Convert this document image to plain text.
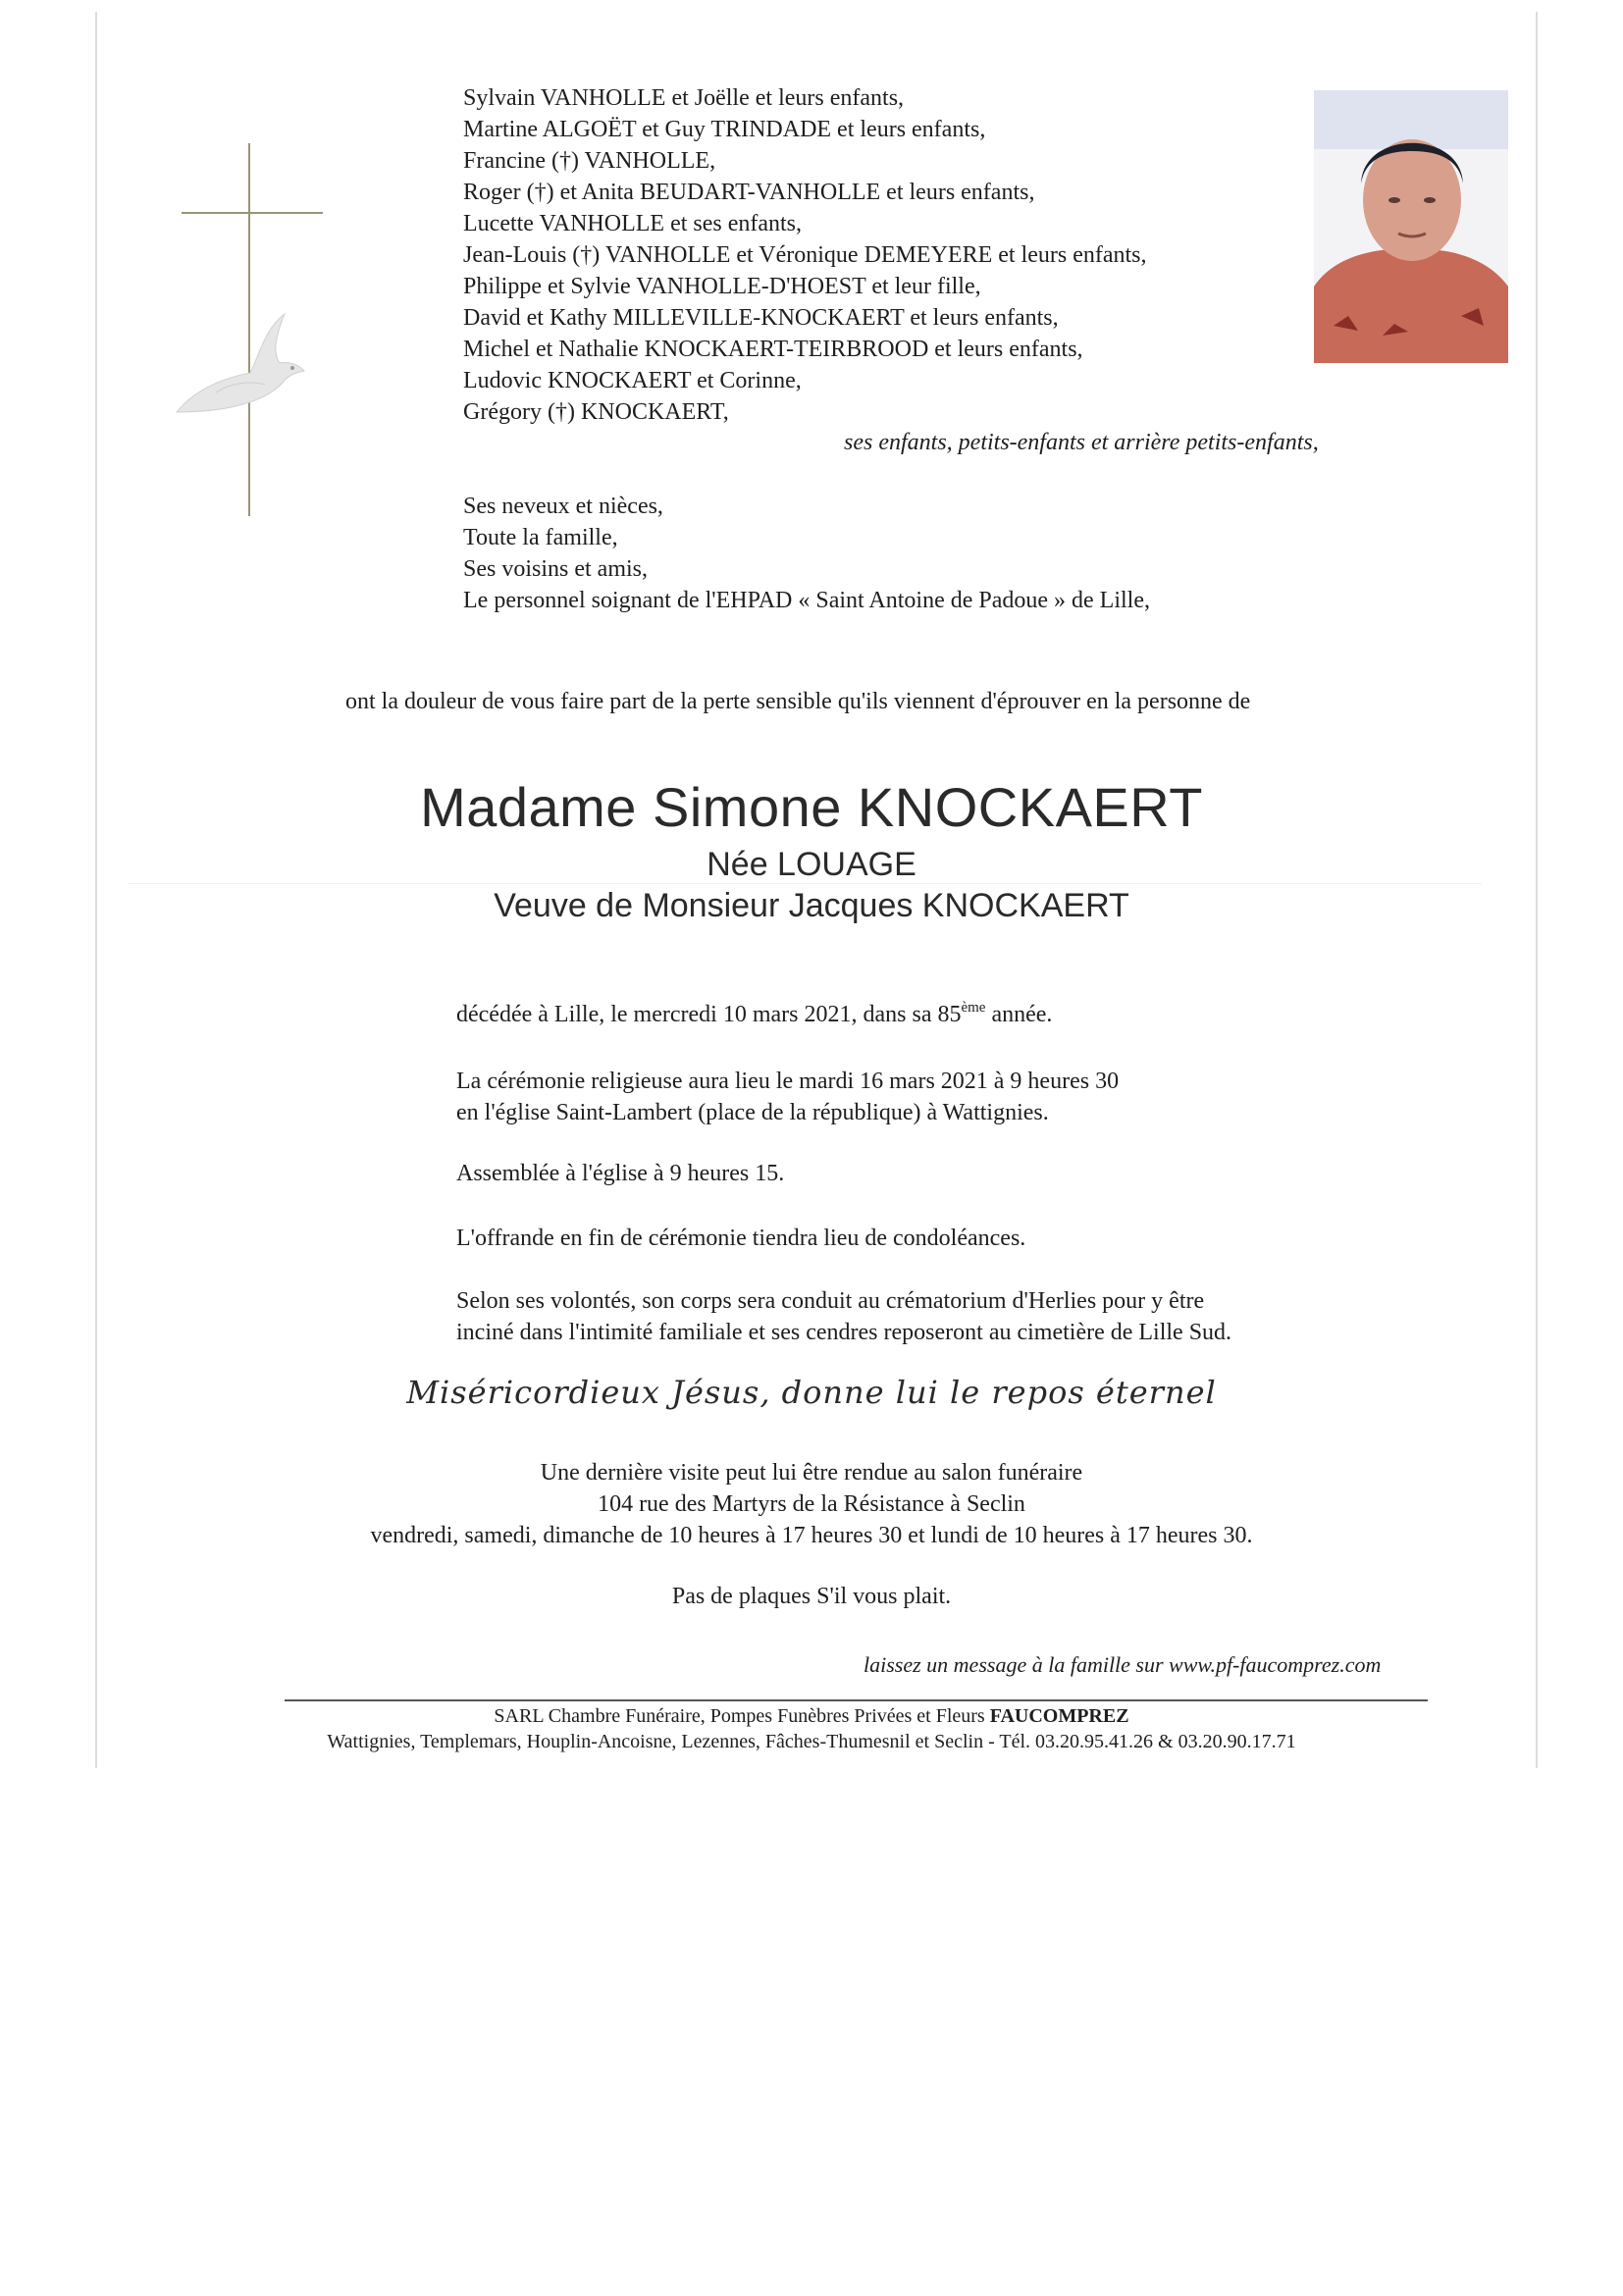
Sylvain VANHOLLE et Joëlle et leurs enfants,
Martine ALGOËT et Guy TRINDADE et leurs enfants,
Francine (†) VANHOLLE,
Roger (†) et Anita BEUDART-VANHOLLE et leurs enfants,
Lucette VANHOLLE et ses enfants,
Jean-Louis (†) VANHOLLE et Véronique DEMEYERE et leurs enfants,
Philippe et Sylvie VANHOLLE-D'HOEST et leur fille,
David et Kathy MILLEVILLE-KNOCKAERT et leurs enfants,
Michel et Nathalie KNOCKAERT-TEIRBROOD et leurs enfants,
Ludovic KNOCKAERT et Corinne,
Grégory (†) KNOCKAERT,
ses enfants, petits-enfants et arrière petits-enfants,
Ses neveux et nièces,
Toute la famille,
Ses voisins et amis,
Le personnel soignant de l'EHPAD « Saint Antoine de Padoue » de Lille,
ont la douleur de vous faire part de la perte sensible qu'ils viennent d'éprouver en la personne de
Madame Simone KNOCKAERT
Née LOUAGE
Veuve de Monsieur Jacques KNOCKAERT
décédée à Lille, le mercredi 10 mars 2021, dans sa 85ème année.
La cérémonie religieuse aura lieu le mardi 16 mars 2021 à 9 heures 30
en l'église Saint-Lambert (place de la république) à Wattignies.
Assemblée à l'église à 9 heures 15.
L'offrande en fin de cérémonie tiendra lieu de condoléances.
Selon ses volontés, son corps sera conduit au crématorium d'Herlies pour y être
inciné dans l'intimité familiale et ses cendres reposeront au cimetière de Lille Sud.
Miséricordieux Jésus, donne lui le repos éternel
Une dernière visite peut lui être rendue au salon funéraire
104 rue des Martyrs de la Résistance à Seclin
vendredi, samedi, dimanche de 10 heures à 17 heures 30 et lundi de 10 heures à 17 heures 30.
Pas de plaques S'il vous plait.
laissez un message à la famille sur www.pf-faucomprez.com
SARL Chambre Funéraire, Pompes Funèbres Privées et Fleurs FAUCOMPREZ
Wattignies, Templemars, Houplin-Ancoisne, Lezennes, Fâches-Thumesnil et Seclin - Tél. 03.20.95.41.26 & 03.20.90.17.71
